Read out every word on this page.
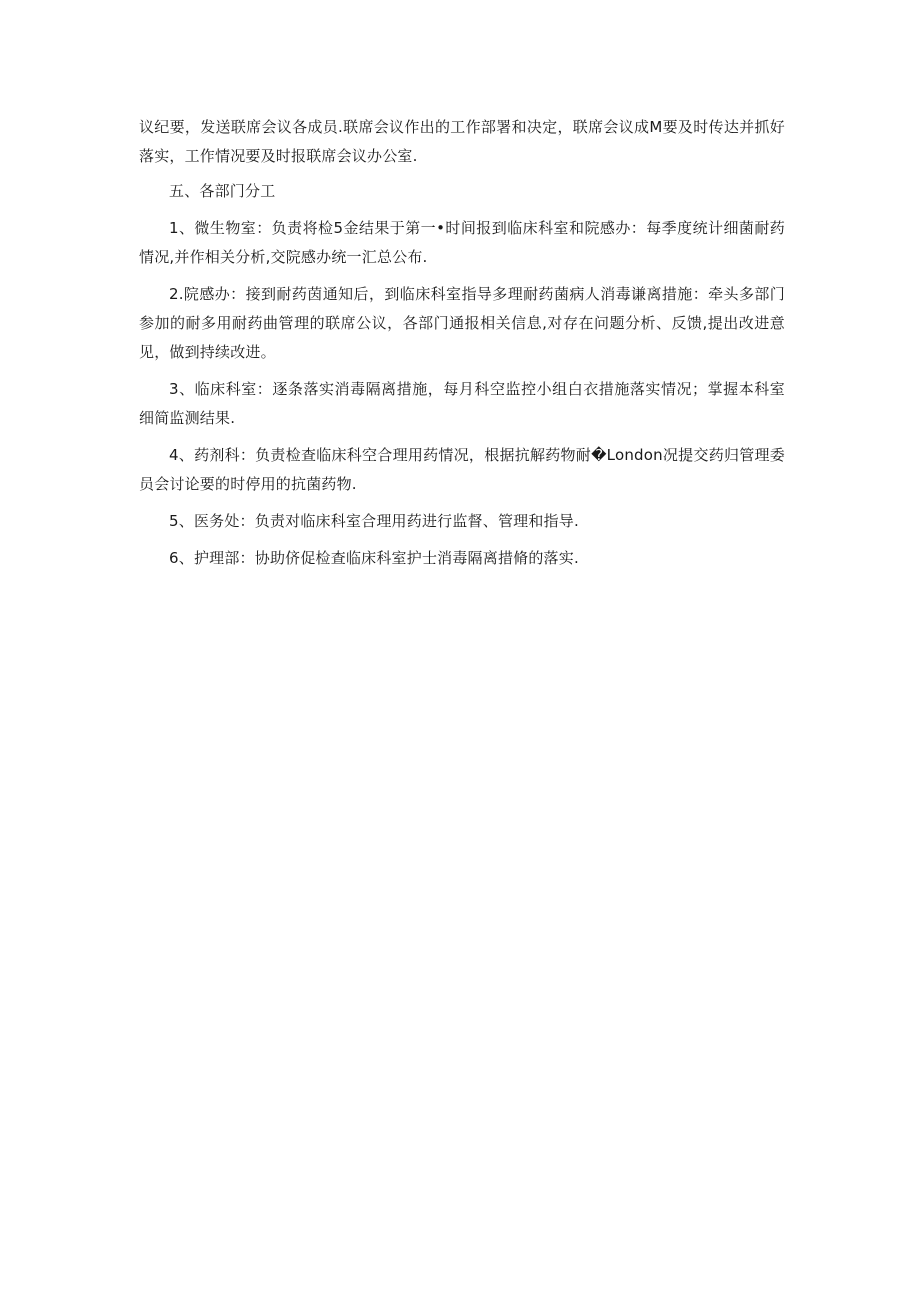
议纪要，发送联席会议各成员.联席会议作出的工作部署和决定，联席会议成M要及时传达并抓好落实，工作情况要及时报联席会议办公室.

五、各部门分工

1、微生物室：负责将检5金结果于第一•时间报到临床科室和院感办：每季度统计细菌耐药情况,并作相关分析,交院感办统一汇总公布.

2.院感办：接到耐药茵通知后，到临床科室指导多理耐药菌病人消毒谦离措施：牵头多部门参加的耐多用耐药曲管理的联席公议，各部门通报相关信息,对存在问题分析、反馈,提出改进意见，做到持续改进。

3、临床科室：逐条落实消毒隔离措施，每月科空监控小组白衣措施落实情况；掌握本科室细简监测结果.

4、药剂科：负责检查临床科空合理用药情况，根据抗解药物耐�London况提交药归管理委员会讨论要的时停用的抗菌药物.

5、医务处：负责对临床科室合理用药进行监督、管理和指导.

6、护理部：协助侪促检查临床科室护士消毒隔离措脩的落实.
